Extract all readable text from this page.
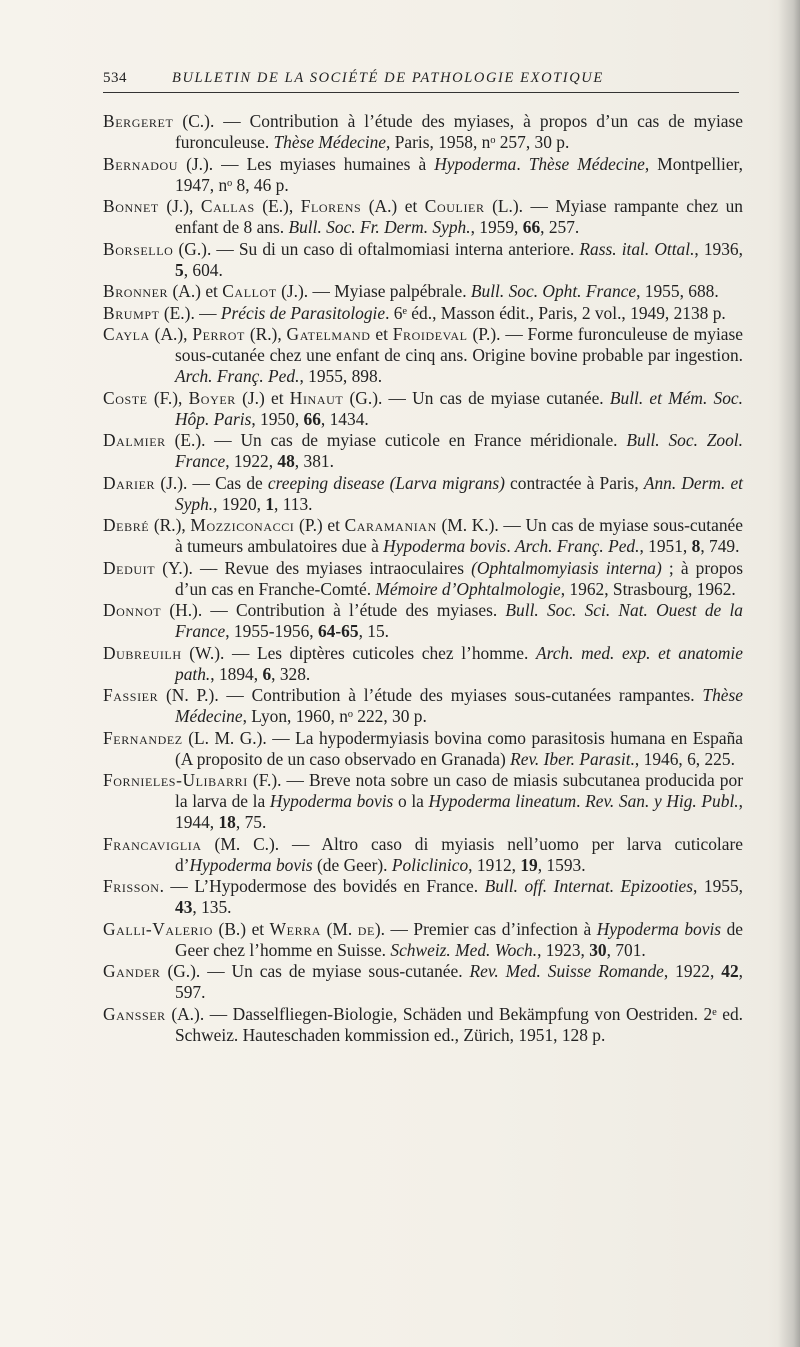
534	BULLETIN DE LA SOCIÉTÉ DE PATHOLOGIE EXOTIQUE

Bergeret (C.). — Contribution à l’étude des myiases, à propos d’un cas de myiase furonculeuse. Thèse Médecine, Paris, 1958, nᵒ 257, 30 p.

Bernadou (J.). — Les myiases humaines à Hypoderma. Thèse Médecine, Montpellier, 1947, nᵒ 8, 46 p.

Bonnet (J.), Callas (E.), Florens (A.) et Coulier (L.). — Myiase rampante chez un enfant de 8 ans. Bull. Soc. Fr. Derm. Syph., 1959, 66, 257.

Borsello (G.). — Su di un caso di oftalmomiasi interna anteriore. Rass. ital. Ottal., 1936, 5, 604.

Bronner (A.) et Callot (J.). — Myiase palpébrale. Bull. Soc. Opht. France, 1955, 688.

Brumpt (E.). — Précis de Parasitologie. 6ᵉ éd., Masson édit., Paris, 2 vol., 1949, 2138 p.

Cayla (A.), Perrot (R.), Gatelmand et Froideval (P.). — Forme furonculeuse de myiase sous-cutanée chez une enfant de cinq ans. Origine bovine probable par ingestion. Arch. Franç. Ped., 1955, 898.

Coste (F.), Boyer (J.) et Hinaut (G.). — Un cas de myiase cutanée. Bull. et Mém. Soc. Hôp. Paris, 1950, 66, 1434.

Dalmier (E.). — Un cas de myiase cuticole en France méridionale. Bull. Soc. Zool. France, 1922, 48, 381.

Darier (J.). — Cas de creeping disease (Larva migrans) contractée à Paris, Ann. Derm. et Syph., 1920, 1, 113.

Debré (R.), Mozziconacci (P.) et Caramanian (M. K.). — Un cas de myiase sous-cutanée à tumeurs ambulatoires due à Hypoderma bovis. Arch. Franç. Ped., 1951, 8, 749.

Deduit (Y.). — Revue des myiases intraoculaires (Ophtalmomyiasis interna) ; à propos d’un cas en Franche-Comté. Mémoire d’Ophtalmologie, 1962, Strasbourg, 1962.

Donnot (H.). — Contribution à l’étude des myiases. Bull. Soc. Sci. Nat. Ouest de la France, 1955-1956, 64-65, 15.

Dubreuilh (W.). — Les diptères cuticoles chez l’homme. Arch. med. exp. et anatomie path., 1894, 6, 328.

Fassier (N. P.). — Contribution à l’étude des myiases sous-cutanées rampantes. Thèse Médecine, Lyon, 1960, nᵒ 222, 30 p.

Fernandez (L. M. G.). — La hypodermyiasis bovina como parasitosis humana en España (A proposito de un caso observado en Granada) Rev. Iber. Parasit., 1946, 6, 225.

Fornieles-Ulibarri (F.). — Breve nota sobre un caso de miasis subcutanea producida por la larva de la Hypoderma bovis o la Hypoderma lineatum. Rev. San. y Hig. Publ., 1944, 18, 75.

Francaviglia (M. C.). — Altro caso di myiasis nell’uomo per larva cuticolare d’Hypoderma bovis (de Geer). Policlinico, 1912, 19, 1593.

Frisson. — L’Hypodermose des bovidés en France. Bull. off. Internat. Epizooties, 1955, 43, 135.

Galli-Valerio (B.) et Werra (M. de). — Premier cas d’infection à Hypoderma bovis de Geer chez l’homme en Suisse. Schweiz. Med. Woch., 1923, 30, 701.

Gander (G.). — Un cas de myiase sous-cutanée. Rev. Med. Suisse Romande, 1922, 42, 597.

Gansser (A.). — Dasselfliegen-Biologie, Schäden und Bekämpfung von Oestriden. 2ᵉ ed. Schweiz. Hauteschaden kommission ed., Zürich, 1951, 128 p.
